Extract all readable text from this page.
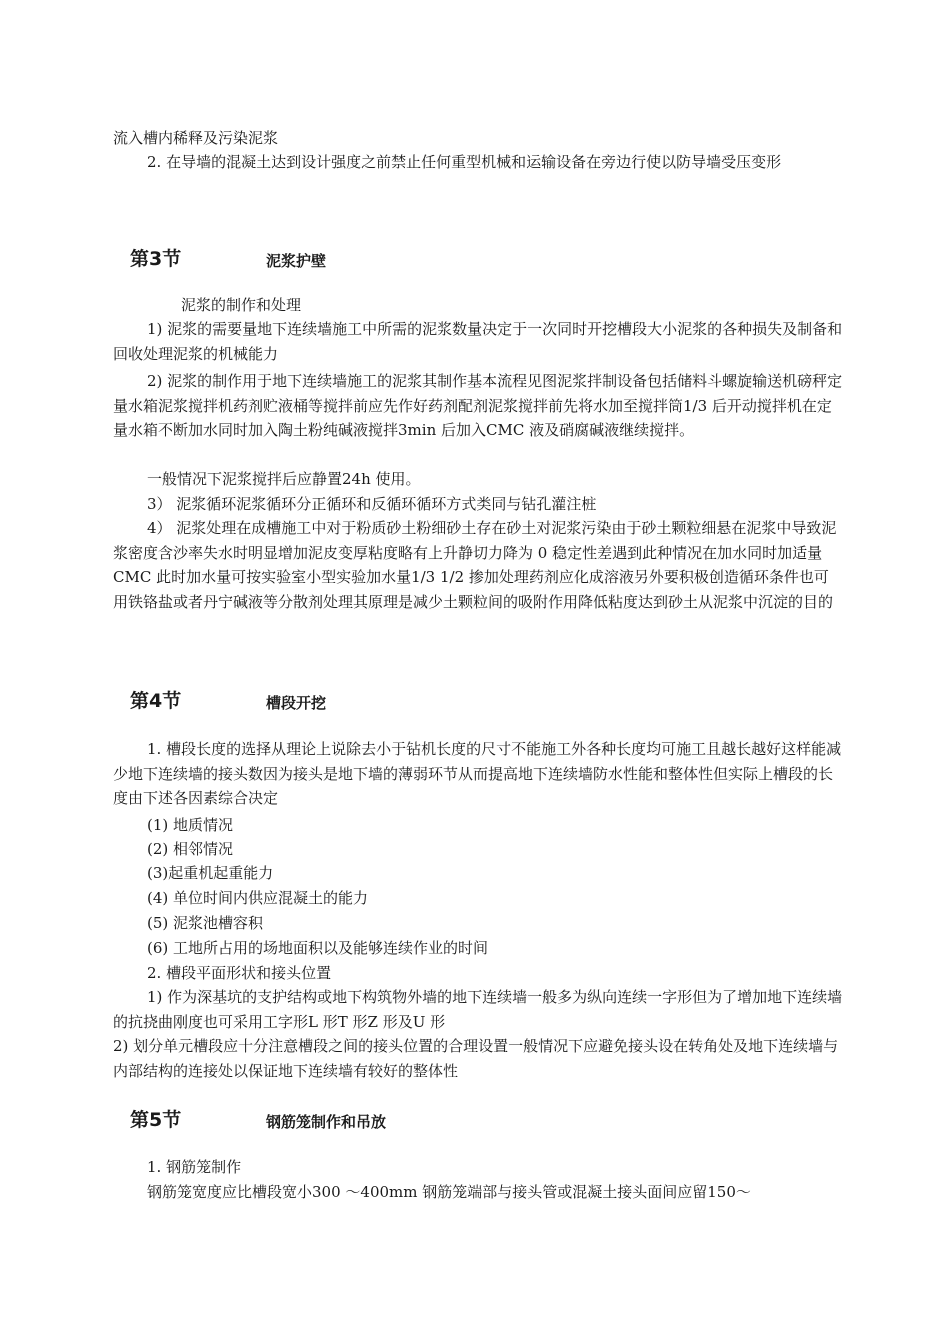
流入槽内稀释及污染泥浆

2. 在导墙的混凝土达到设计强度之前禁止任何重型机械和运输设备在旁边行使以防导墙受压变形

第3节	泥浆护壁
泥浆的制作和处理

1) 泥浆的需要量地下连续墙施工中所需的泥浆数量决定于一次同时开挖槽段大小泥浆的各种损失及制备和回收处理泥浆的机械能力

2) 泥浆的制作用于地下连续墙施工的泥浆其制作基本流程见图泥浆拌制设备包括储料斗螺旋输送机磅秤定量水箱泥浆搅拌机药剂贮液桶等搅拌前应先作好药剂配剂泥浆搅拌前先将水加至搅拌筒1/3 后开动搅拌机在定量水箱不断加水同时加入陶土粉纯碱液搅拌3min 后加入CMC 液及硝腐碱液继续搅拌。

一般情况下泥浆搅拌后应静置24h 使用。

3） 泥浆循环泥浆循环分正循环和反循环循环方式类同与钻孔灌注桩

4） 泥浆处理在成槽施工中对于粉质砂土粉细砂土存在砂土对泥浆污染由于砂土颗粒细悬在泥浆中导致泥浆密度含沙率失水时明显增加泥皮变厚粘度略有上升静切力降为 0 稳定性差遇到此种情况在加水同时加适量CMC 此时加水量可按实验室小型实验加水量1/3 1/2 掺加处理药剂应化成溶液另外要积极创造循环条件也可用铁铬盐或者丹宁碱液等分散剂处理其原理是减少土颗粒间的吸附作用降低粘度达到砂土从泥浆中沉淀的目的

第4节	槽段开挖

1. 槽段长度的选择从理论上说除去小于钻机长度的尺寸不能施工外各种长度均可施工且越长越好这样能减少地下连续墙的接头数因为接头是地下墙的薄弱环节从而提高地下连续墙防水性能和整体性但实际上槽段的长度由下述各因素综合决定

(1) 地质情况
(2) 相邻情况
(3)起重机起重能力
(4) 单位时间内供应混凝土的能力
(5) 泥浆池槽容积
(6) 工地所占用的场地面积以及能够连续作业的时间
2. 槽段平面形状和接头位置

1) 作为深基坑的支护结构或地下构筑物外墙的地下连续墙一般多为纵向连续一字形但为了增加地下连续墙的抗挠曲刚度也可采用工字形L 形T 形Z 形及U 形

2) 划分单元槽段应十分注意槽段之间的接头位置的合理设置一般情况下应避免接头设在转角处及地下连续墙与内部结构的连接处以保证地下连续墙有较好的整体性

第5节	钢筋笼制作和吊放
1. 钢筋笼制作
钢筋笼宽度应比槽段宽小300 ～400mm 钢筋笼端部与接头管或混凝土接头面间应留150～
